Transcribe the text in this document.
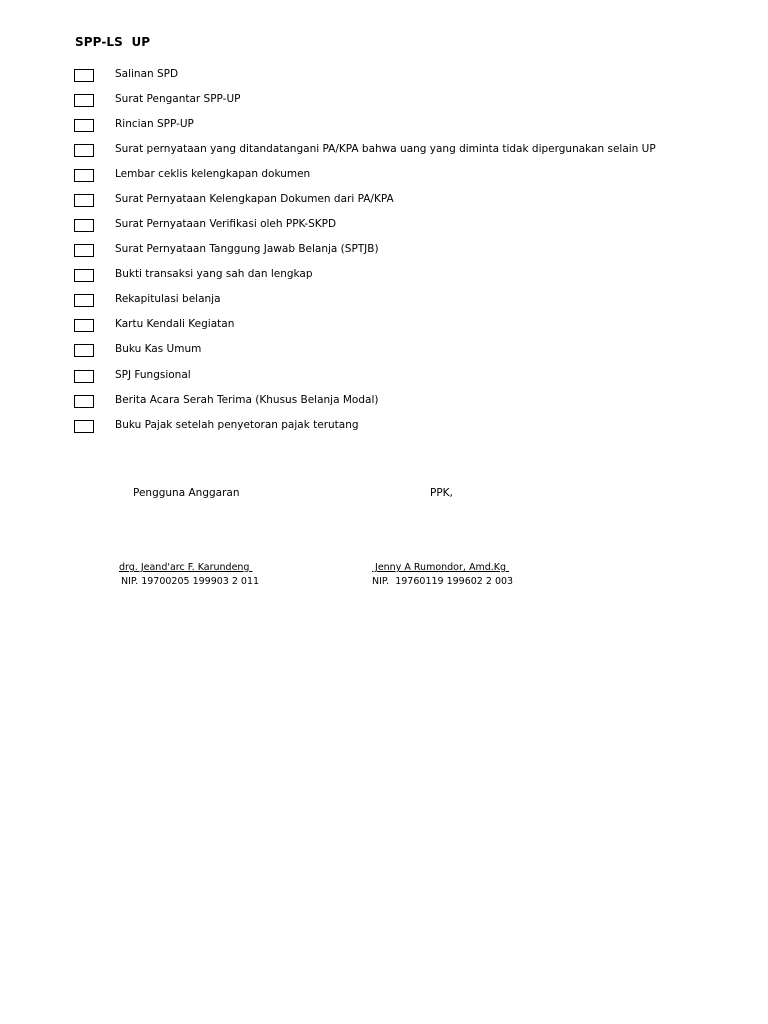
SPP-LS  UP
Salinan SPD
Surat Pengantar SPP-UP
Rincian SPP-UP
Surat pernyataan yang ditandatangani PA/KPA bahwa uang yang diminta tidak dipergunakan selain UP
Lembar ceklis kelengkapan dokumen
Surat Pernyataan Kelengkapan Dokumen dari PA/KPA
Surat Pernyataan Verifikasi oleh PPK-SKPD
Surat Pernyataan Tanggung Jawab Belanja (SPTJB)
Bukti transaksi yang sah dan lengkap
Rekapitulasi belanja
Kartu Kendali Kegiatan
Buku Kas Umum
SPJ Fungsional
Berita Acara Serah Terima (Khusus Belanja Modal)
Buku Pajak setelah penyetoran pajak terutang
Pengguna Anggaran
drg. Jeand'arc F. Karundeng
NIP. 19700205 199903 2 011
PPK,
Jenny A Rumondor, Amd.Kg
NIP.  19760119 199602 2 003
